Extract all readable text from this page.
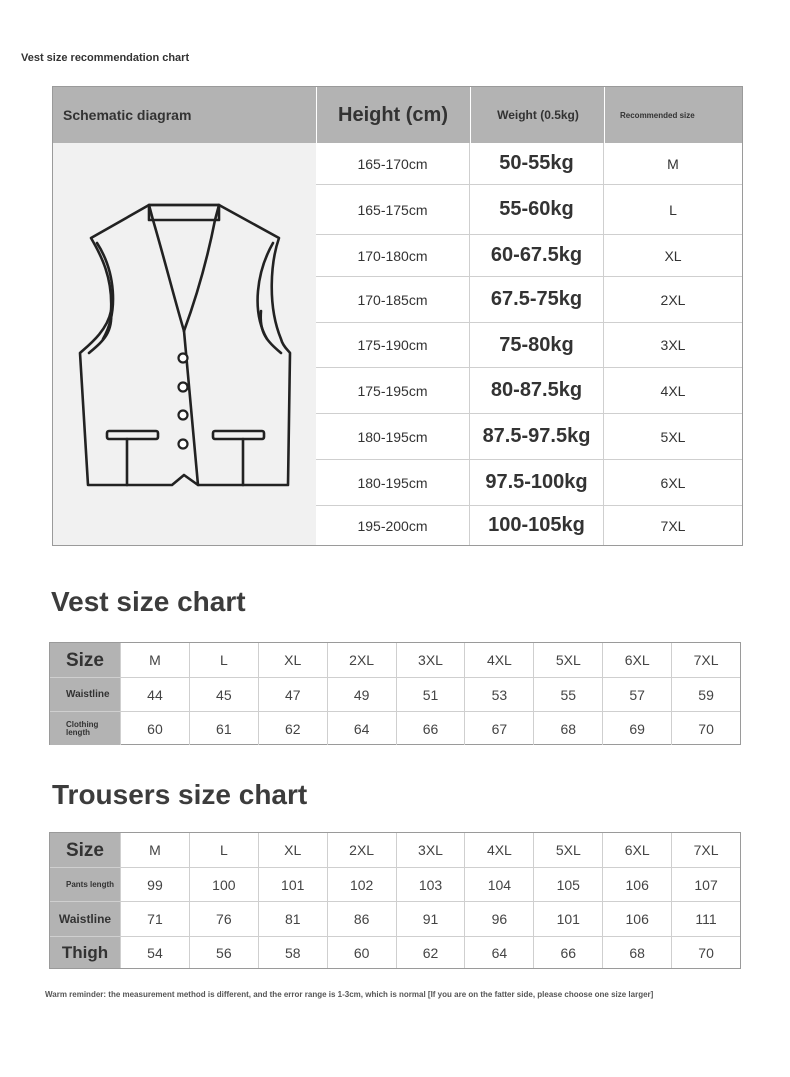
Vest size recommendation chart
Schematic diagram	Height (cm)	Weight (0.5kg)	Recommended size
165-170cm	50-55kg	M
165-175cm	55-60kg	L
170-180cm	60-67.5kg	XL
170-185cm	67.5-75kg	2XL
175-190cm	75-80kg	3XL
175-195cm	80-87.5kg	4XL
180-195cm	87.5-97.5kg	5XL
180-195cm	97.5-100kg	6XL
195-200cm	100-105kg	7XL
Vest size chart
Size	M	L	XL	2XL	3XL	4XL	5XL	6XL	7XL
Waistline	44	45	47	49	51	53	55	57	59
Clothing length	60	61	62	64	66	67	68	69	70
Trousers size chart
Size	M	L	XL	2XL	3XL	4XL	5XL	6XL	7XL
Pants length	99	100	101	102	103	104	105	106	107
Waistline	71	76	81	86	91	96	101	106	111
Thigh	54	56	58	60	62	64	66	68	70
Warm reminder: the measurement method is different, and the error range is 1-3cm, which is normal [If you are on the fatter side, please choose one size larger]
